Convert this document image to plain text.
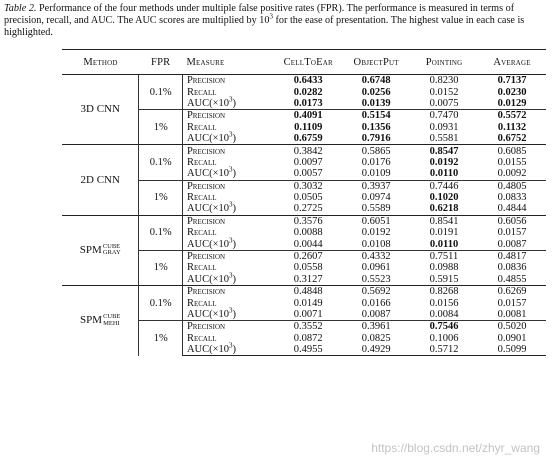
Table 2. Performance of the four methods under multiple false positive rates (FPR). The performance is measured in terms of precision, recall, and AUC. The AUC scores are multiplied by $10^3$ for the ease of presentation. The highest value in each case is highlighted.
Method	FPR	Measure	CellToEar	ObjectPut	Pointing	Average
3D CNN	0.1%	Precision	0.6433	0.6748	0.8230	0.7137
		Recall	0.0282	0.0256	0.0152	0.0230
		$AUC(\times 10^3)$	0.0173	0.0139	0.0075	0.0129
	1%	Precision	0.4091	0.5154	0.7470	0.5572
		Recall	0.1109	0.1356	0.0931	0.1132
		$AUC(\times 10^3)$	0.6759	0.7916	0.5581	0.6752
2D CNN	0.1%	Precision	0.3842	0.5865	0.8547	0.6085
		Recall	0.0097	0.0176	0.0192	0.0155
		$AUC(\times 10^3)$	0.0057	0.0109	0.0110	0.0092
	1%	Precision	0.3032	0.3937	0.7446	0.4805
		Recall	0.0505	0.0974	0.1020	0.0833
		$AUC(\times 10^3)$	0.2725	0.5589	0.6218	0.4844
SPM CUBE
GRAY	0.1%	Precision	0.3576	0.6051	0.8541	0.6056
		Recall	0.0088	0.0192	0.0191	0.0157
		$AUC(\times 10^3)$	0.0044	0.0108	0.0110	0.0087
	1%	Precision	0.2607	0.4332	0.7511	0.4817
		Recall	0.0558	0.0961	0.0988	0.0836
		$AUC(\times 10^3)$	0.3127	0.5523	0.5915	0.4855
SPM CUBE
MEHI	0.1%	Precision	0.4848	0.5692	0.8268	0.6269
		Recall	0.0149	0.0166	0.0156	0.0157
		$AUC(\times 10^3)$	0.0071	0.0087	0.0084	0.0081
	1%	Precision	0.3552	0.3961	0.7546	0.5020
		Recall	0.0872	0.0825	0.1006	0.0901
		$AUC(\times 10^3)$	0.4955	0.4929	0.5712	0.5099
https://blog.csdn.net/zhyr_wang
